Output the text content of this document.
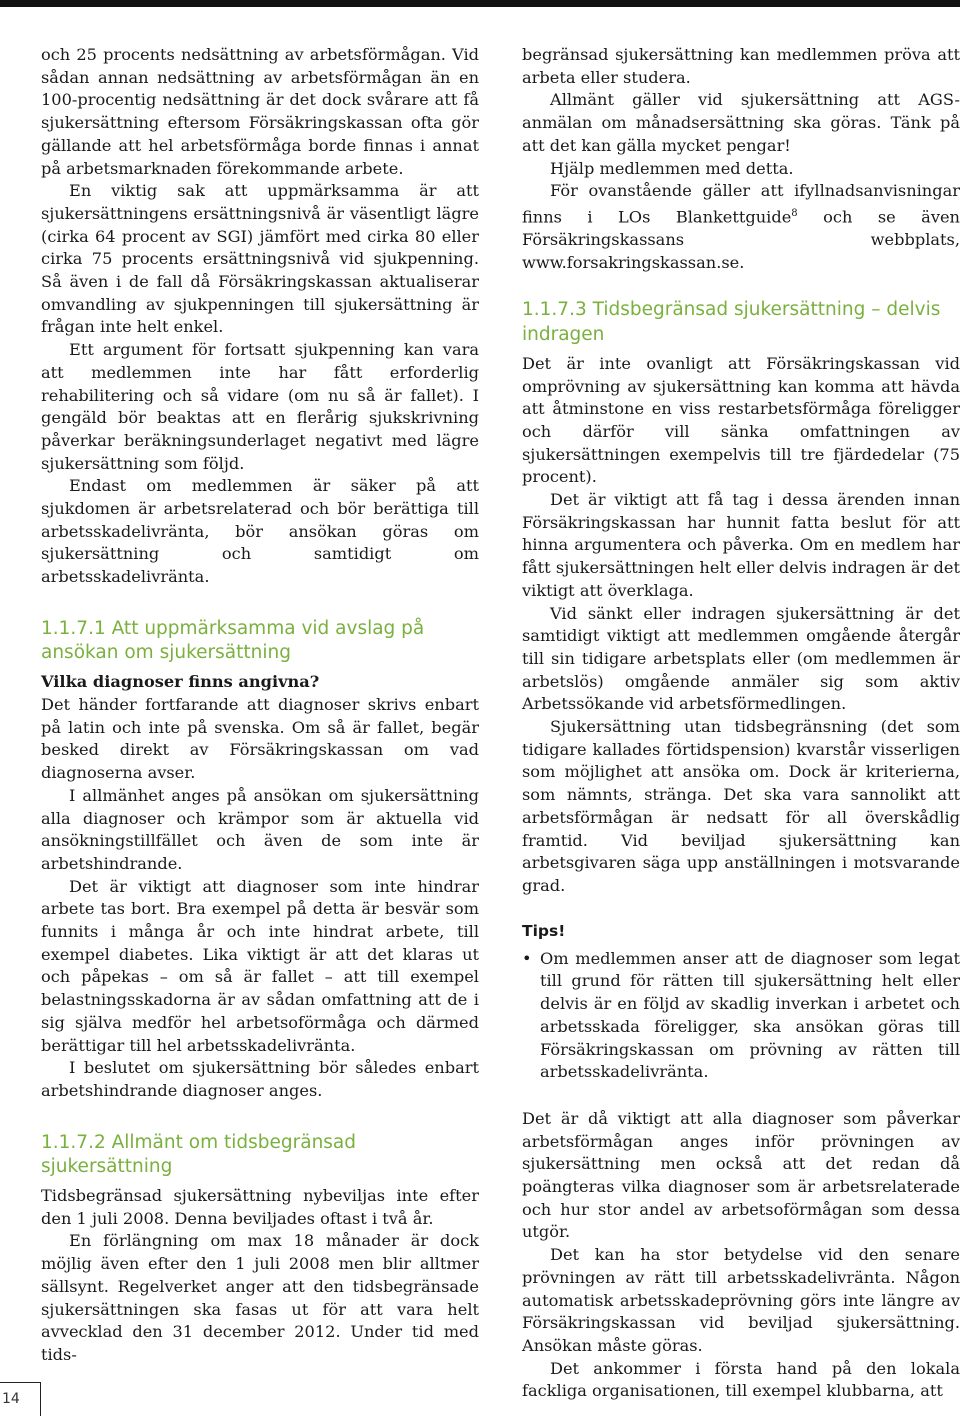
och 25 procents nedsättning av arbetsförmågan. Vid sådan annan nedsättning av arbetsförmågan än en 100-procentig nedsättning är det dock svårare att få sjukersättning eftersom Försäkringskassan ofta gör gällande att hel arbetsförmåga borde finnas i annat på arbetsmarknaden förekommande arbete.

En viktig sak att uppmärksamma är att sjukersättningens ersättningsnivå är väsentligt lägre (cirka 64 procent av SGI) jämfört med cirka 80 eller cirka 75 procents ersättningsnivå vid sjukpenning. Så även i de fall då Försäkringskassan aktualiserar omvandling av sjukpenningen till sjukersättning är frågan inte helt enkel.

Ett argument för fortsatt sjukpenning kan vara att medlemmen inte har fått erforderlig rehabilitering och så vidare (om nu så är fallet). I gengäld bör beaktas att en flerårig sjukskrivning påverkar beräkningsunderlaget negativt med lägre sjukersättning som följd.

Endast om medlemmen är säker på att sjukdomen är arbetsrelaterad och bör berättiga till arbetsskadelivränta, bör ansökan göras om sjukersättning och samtidigt om arbetsskadelivränta.

1.1.7.1 Att uppmärksamma vid avslag på ansökan om sjukersättning

Vilka diagnoser finns angivna?

Det händer fortfarande att diagnoser skrivs enbart på latin och inte på svenska. Om så är fallet, begär besked direkt av Försäkringskassan om vad diagnoserna avser.

I allmänhet anges på ansökan om sjukersättning alla diagnoser och krämpor som är aktuella vid ansökningstillfället och även de som inte är arbetshindrande.

Det är viktigt att diagnoser som inte hindrar arbete tas bort. Bra exempel på detta är besvär som funnits i många år och inte hindrat arbete, till exempel diabetes. Lika viktigt är att det klaras ut och påpekas – om så är fallet – att till exempel belastningsskadorna är av sådan omfattning att de i sig själva medför hel arbetsoförmåga och därmed berättigar till hel arbetsskadelivränta.

I beslutet om sjukersättning bör således enbart arbetshindrande diagnoser anges.

1.1.7.2 Allmänt om tidsbegränsad sjukersättning

Tidsbegränsad sjukersättning nybeviljas inte efter den 1 juli 2008. Denna beviljades oftast i två år.

En förlängning om max 18 månader är dock möjlig även efter den 1 juli 2008 men blir alltmer sällsynt. Regelverket anger att den tidsbegränsade sjukersättningen ska fasas ut för att vara helt avvecklad den 31 december 2012. Under tid med tids-

begränsad sjukersättning kan medlemmen pröva att arbeta eller studera.

Allmänt gäller vid sjukersättning att AGS-anmälan om månadsersättning ska göras. Tänk på att det kan gälla mycket pengar!

Hjälp medlemmen med detta.

För ovanstående gäller att ifyllnadsanvisningar finns i LOs Blankettguide$^8$ och se även Försäkringskassans webbplats, www.forsakringskassan.se.

1.1.7.3 Tidsbegränsad sjukersättning – delvis indragen

Det är inte ovanligt att Försäkringskassan vid omprövning av sjukersättning kan komma att hävda att åtminstone en viss restarbetsförmåga föreligger och därför vill sänka omfattningen av sjukersättningen exempelvis till tre fjärdedelar (75 procent).

Det är viktigt att få tag i dessa ärenden innan Försäkringskassan har hunnit fatta beslut för att hinna argumentera och påverka. Om en medlem har fått sjukersättningen helt eller delvis indragen är det viktigt att överklaga.

Vid sänkt eller indragen sjukersättning är det samtidigt viktigt att medlemmen omgående återgår till sin tidigare arbetsplats eller (om medlemmen är arbetslös) omgående anmäler sig som aktiv Arbetssökande vid arbetsförmedlingen.

Sjukersättning utan tidsbegränsning (det som tidigare kallades förtidspension) kvarstår visserligen som möjlighet att ansöka om. Dock är kriterierna, som nämnts, stränga. Det ska vara sannolikt att arbetsförmågan är nedsatt för all överskådlig framtid. Vid beviljad sjukersättning kan arbetsgivaren säga upp anställningen i motsvarande grad.

Tips!

• Om medlemmen anser att de diagnoser som legat till grund för rätten till sjukersättning helt eller delvis är en följd av skadlig inverkan i arbetet och arbetsskada föreligger, ska ansökan göras till Försäkringskassan om prövning av rätten till arbetsskadelivränta.

Det är då viktigt att alla diagnoser som påverkar arbetsförmågan anges inför prövningen av sjukersättning men också att det redan då poängteras vilka diagnoser som är arbetsrelaterade och hur stor andel av arbetsoförmågan som dessa utgör.

Det kan ha stor betydelse vid den senare prövningen av rätt till arbetsskadelivränta. Någon automatisk arbetsskadeprövning görs inte längre av Försäkringskassan vid beviljad sjukersättning. Ansökan måste göras.

Det ankommer i första hand på den lokala fackliga organisationen, till exempel klubbarna, att

14
